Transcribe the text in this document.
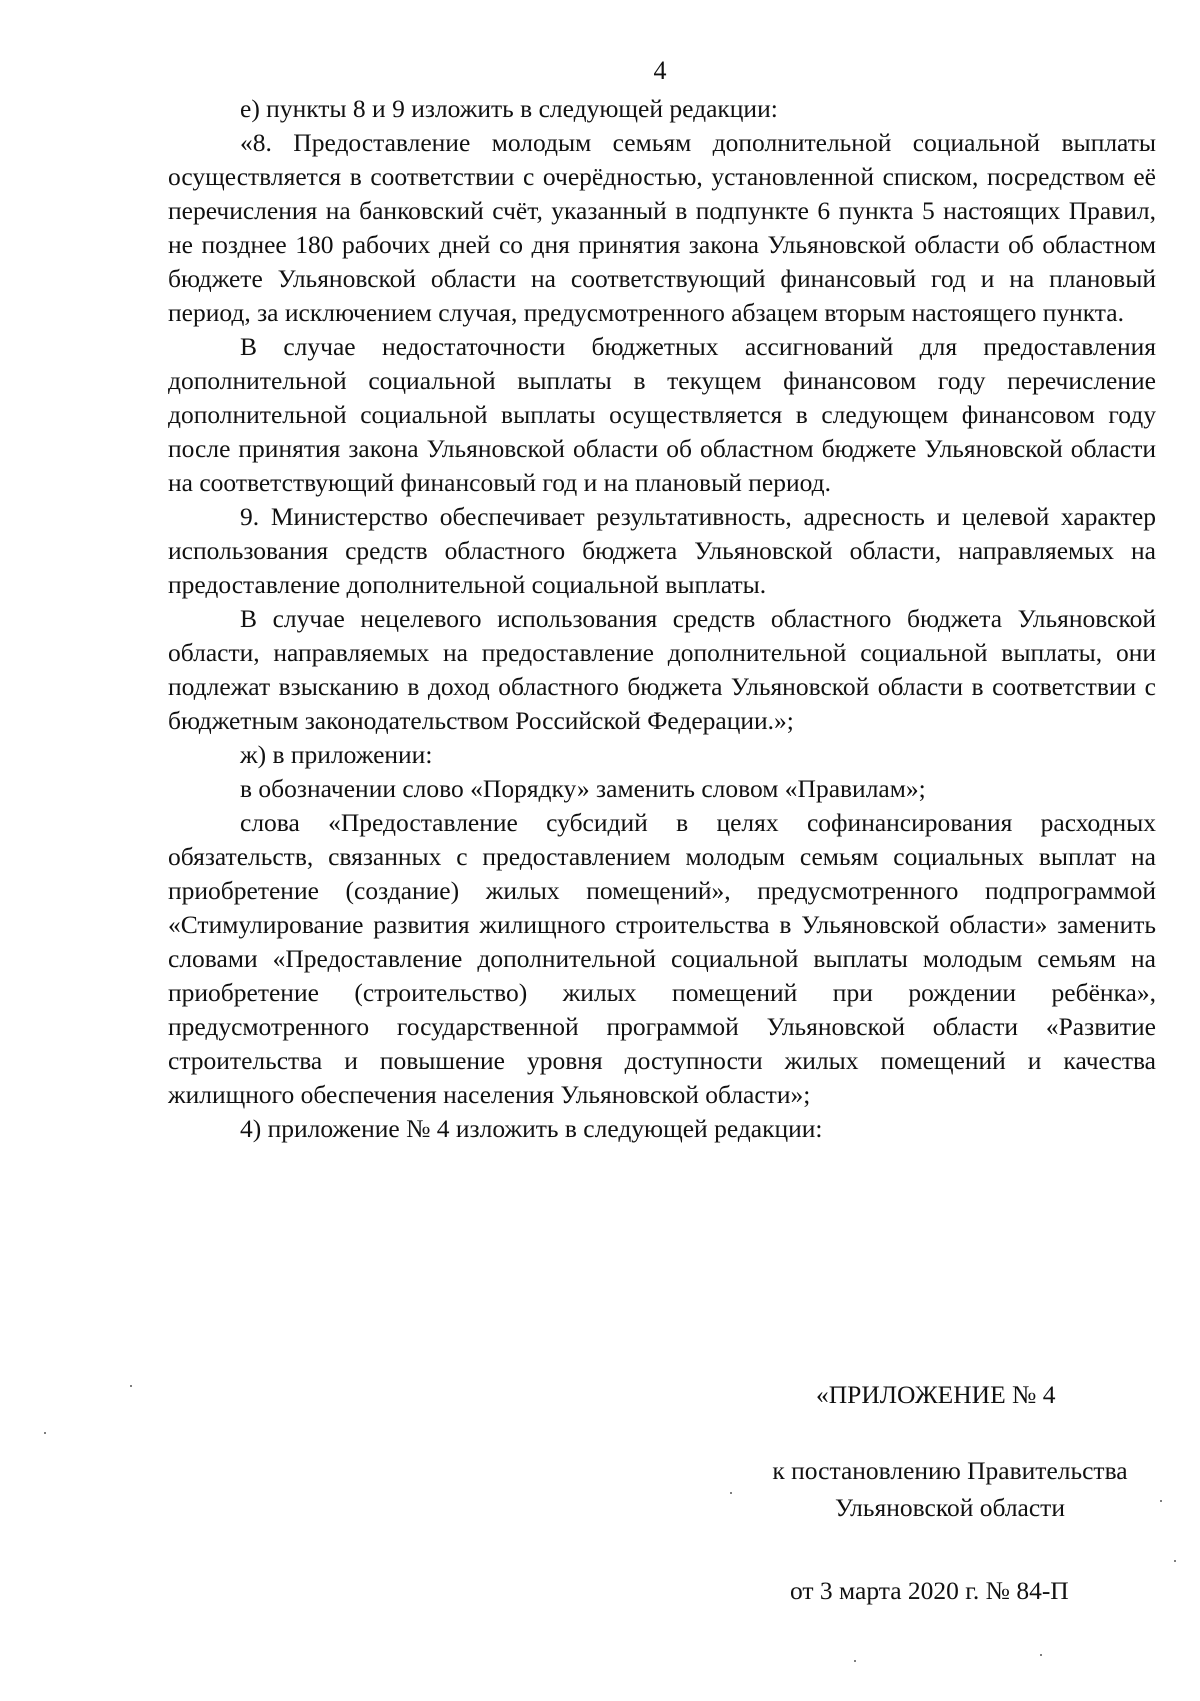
4

е) пункты 8 и 9 изложить в следующей редакции:

«8. Предоставление молодым семьям дополнительной социальной выплаты осуществляется в соответствии с очерёдностью, установленной списком, посредством её перечисления на банковский счёт, указанный в подпункте 6 пункта 5 настоящих Правил, не позднее 180 рабочих дней со дня принятия закона Ульяновской области об областном бюджете Ульяновской области на соответствующий финансовый год и на плановый период, за исключением случая, предусмотренного абзацем вторым настоящего пункта.

В случае недостаточности бюджетных ассигнований для предоставления дополнительной социальной выплаты в текущем финансовом году перечисление дополнительной социальной выплаты осуществляется в следующем финансовом году после принятия закона Ульяновской области об областном бюджете Ульяновской области на соответствующий финансовый год и на плановый период.

9. Министерство обеспечивает результативность, адресность и целевой характер использования средств областного бюджета Ульяновской области, направляемых на предоставление дополнительной социальной выплаты.

В случае нецелевого использования средств областного бюджета Ульяновской области, направляемых на предоставление дополнительной социальной выплаты, они подлежат взысканию в доход областного бюджета Ульяновской области в соответствии с бюджетным законодательством Российской Федерации.»;

ж) в приложении:

в обозначении слово «Порядку» заменить словом «Правилам»;

слова «Предоставление субсидий в целях софинансирования расходных обязательств, связанных с предоставлением молодым семьям социальных выплат на приобретение (создание) жилых помещений», предусмотренного подпрограммой «Стимулирование развития жилищного строительства в Ульяновской области» заменить словами «Предоставление дополнительной социальной выплаты молодым семьям на приобретение (строительство) жилых помещений при рождении ребёнка», предусмотренного государственной программой Ульяновской области «Развитие строительства и повышение уровня доступности жилых помещений и качества жилищного обеспечения населения Ульяновской области»;

4) приложение № 4 изложить в следующей редакции:

«ПРИЛОЖЕНИЕ № 4
к постановлению Правительства
Ульяновской области
от 3 марта 2020 г. № 84-П
